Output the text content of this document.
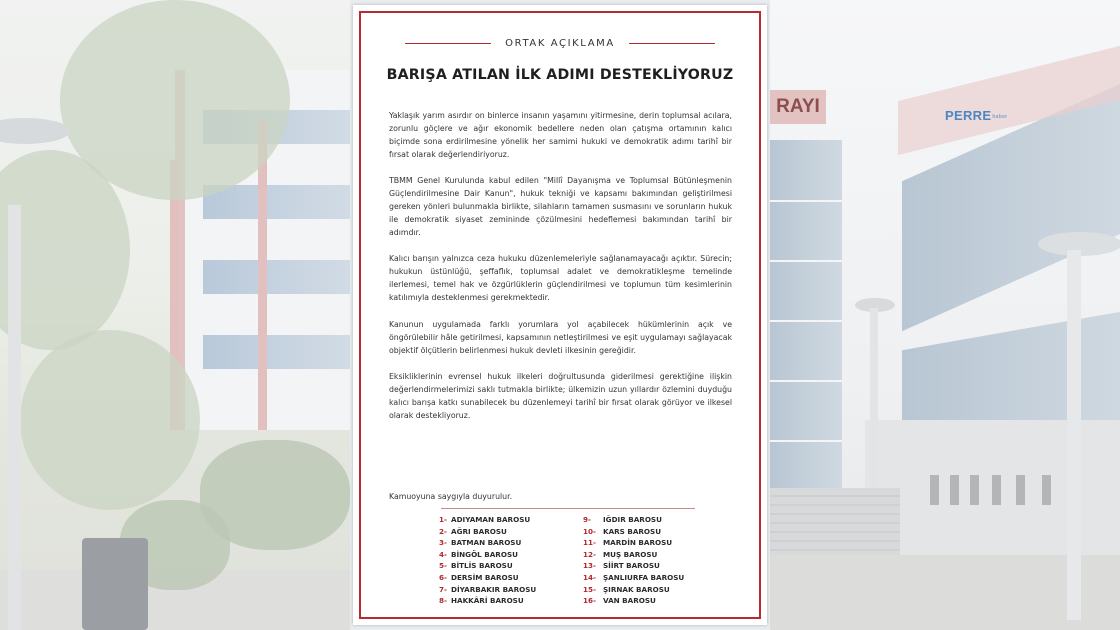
RAYI	PERREhaber
ORTAK AÇIKLAMA
BARIŞA ATILAN İLK ADIMI DESTEKLİYORUZ

Yaklaşık yarım asırdır on binlerce insanın yaşamını yitirmesine, derin toplumsal acılara, zorunlu göçlere ve ağır ekonomik bedellere neden olan çatışma ortamının kalıcı biçimde sona erdirilmesine yönelik her samimi hukuki ve demokratik adımı tarihî bir fırsat olarak değerlendiriyoruz.

TBMM Genel Kurulunda kabul edilen "Millî Dayanışma ve Toplumsal Bütünleşmenin Güçlendirilmesine Dair Kanun", hukuk tekniği ve kapsamı bakımından geliştirilmesi gereken yönleri bulunmakla birlikte, silahların tamamen susmasını ve sorunların hukuk ile demokratik siyaset zemininde çözülmesini hedeflemesi bakımından tarihî bir adımdır.

Kalıcı barışın yalnızca ceza hukuku düzenlemeleriyle sağlanamayacağı açıktır. Sürecin; hukukun üstünlüğü, şeffaflık, toplumsal adalet ve demokratikleşme temelinde ilerlemesi, temel hak ve özgürlüklerin güçlendirilmesi ve toplumun tüm kesimlerinin katılımıyla desteklenmesi gerekmektedir.

Kanunun uygulamada farklı yorumlara yol açabilecek hükümlerinin açık ve öngörülebilir hâle getirilmesi, kapsamının netleştirilmesi ve eşit uygulamayı sağlayacak objektif ölçütlerin belirlenmesi hukuk devleti ilkesinin gereğidir.

Eksikliklerinin evrensel hukuk ilkeleri doğrultusunda giderilmesi gerektiğine ilişkin değerlendirmelerimizi saklı tutmakla birlikte; ülkemizin uzun yıllardır özlemini duyduğu kalıcı barışa katkı sunabilecek bu düzenlemeyi tarihî bir fırsat olarak görüyor ve ilkesel olarak destekliyoruz.

Kamuoyuna saygıyla duyurulur.
1- ADIYAMAN BAROSU
2- AĞRI BAROSU
3- BATMAN BAROSU
4- BİNGÖL BAROSU
5- BİTLİS BAROSU
6- DERSİM BAROSU
7- DİYARBAKIR BAROSU
8- HAKKÂRİ BAROSU
9- IĞDIR BAROSU
10- KARS BAROSU
11- MARDİN BAROSU
12- MUŞ BAROSU
13- SİİRT BAROSU
14- ŞANLIURFA BAROSU
15- ŞIRNAK BAROSU
16- VAN BAROSU
